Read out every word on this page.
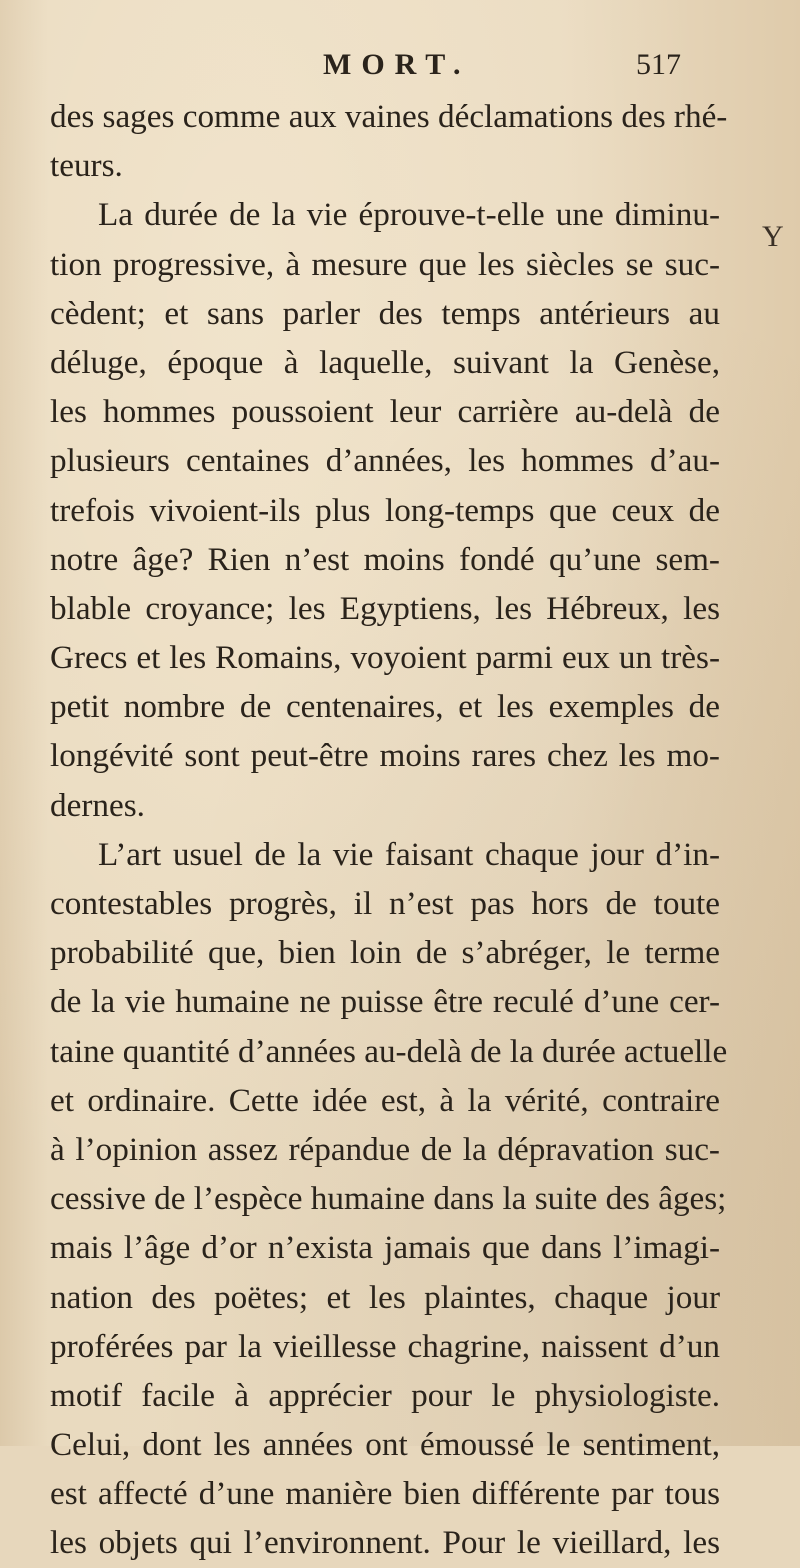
MORT.	517
Y
des sages comme aux vaines déclamations des rhé-
teurs.
La durée de la vie éprouve-t-elle une diminu-
tion progressive, à mesure que les siècles se suc-
cèdent; et sans parler des temps antérieurs au
déluge, époque à laquelle, suivant la Genèse,
les hommes poussoient leur carrière au-delà de
plusieurs centaines d’années, les hommes d’au-
trefois vivoient-ils plus long-temps que ceux de
notre âge? Rien n’est moins fondé qu’une sem-
blable croyance; les Egyptiens, les Hébreux, les
Grecs et les Romains, voyoient parmi eux un très-
petit nombre de centenaires, et les exemples de
longévité sont peut-être moins rares chez les mo-
dernes.
L’art usuel de la vie faisant chaque jour d’in-
contestables progrès, il n’est pas hors de toute
probabilité que, bien loin de s’abréger, le terme
de la vie humaine ne puisse être reculé d’une cer-
taine quantité d’années au-delà de la durée actuelle
et ordinaire. Cette idée est, à la vérité, contraire
à l’opinion assez répandue de la dépravation suc-
cessive de l’espèce humaine dans la suite des âges;
mais l’âge d’or n’exista jamais que dans l’imagi-
nation des poëtes; et les plaintes, chaque jour
proférées par la vieillesse chagrine, naissent d’un
motif facile à apprécier pour le physiologiste.
Celui, dont les années ont émoussé le sentiment,
est affecté d’une manière bien différente par tous
les objets qui l’environnent. Pour le vieillard, les
